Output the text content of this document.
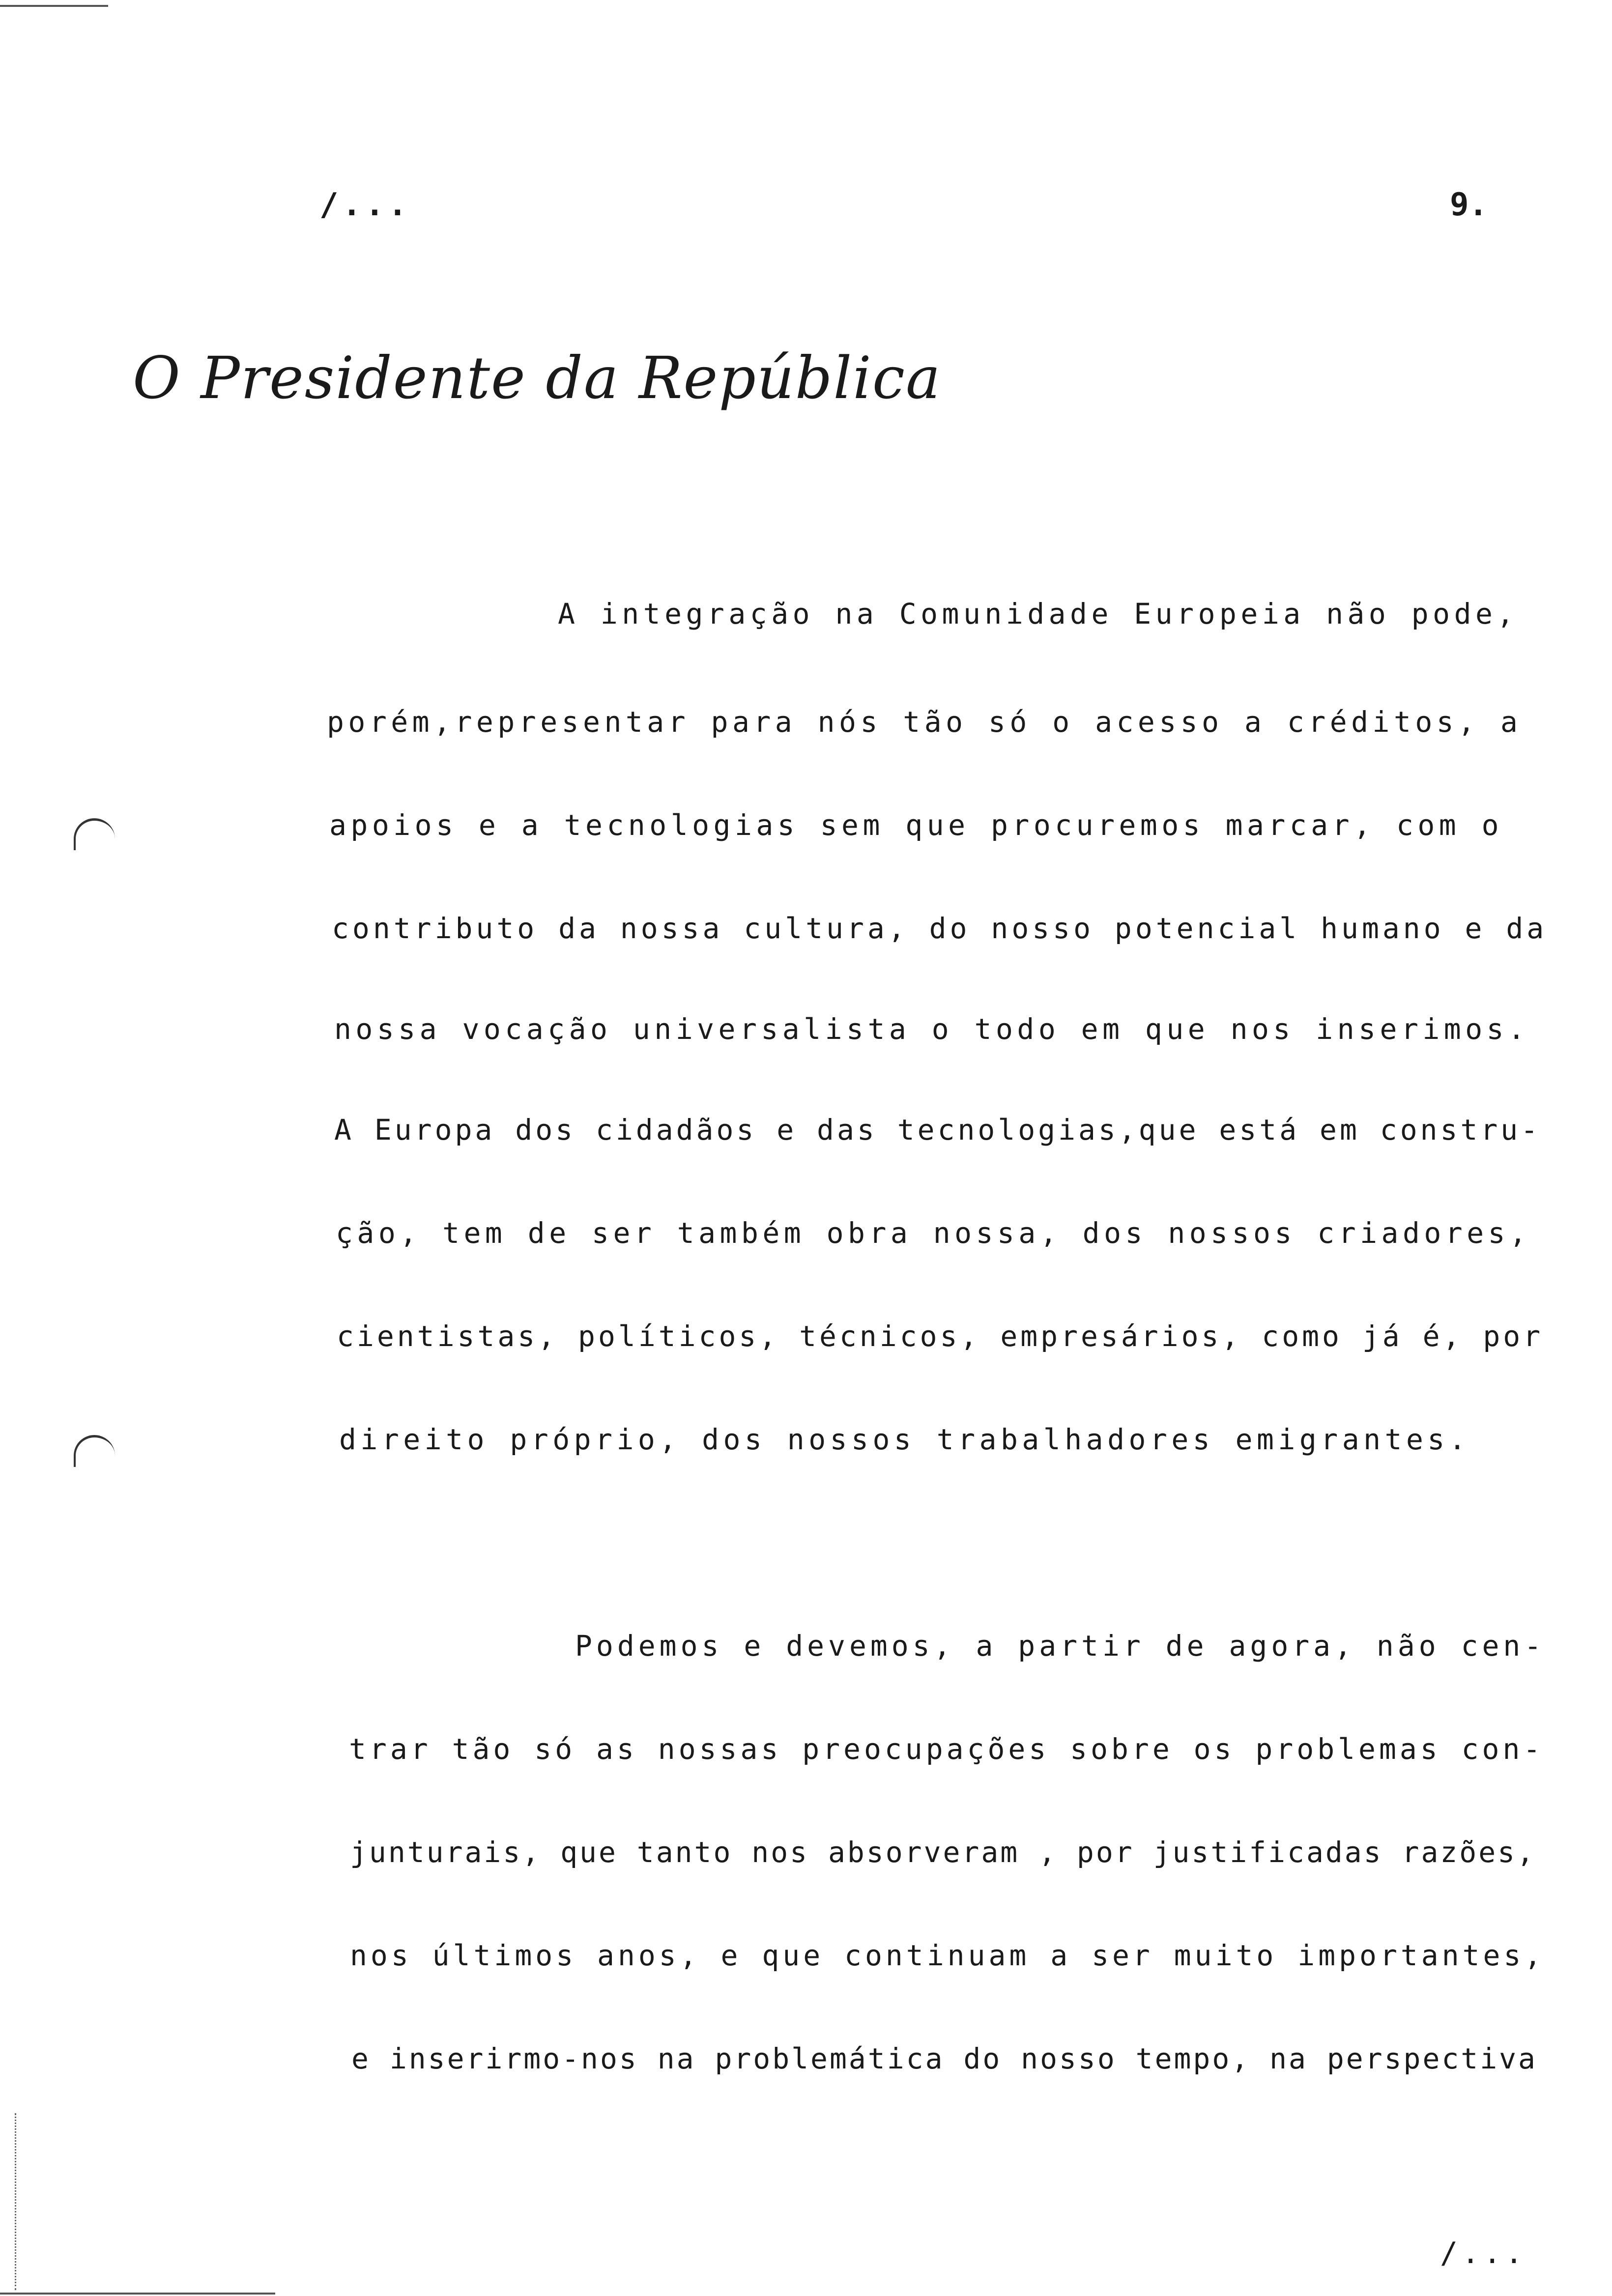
/...	9.
O Presidente da República
A integração na Comunidade Europeia não pode,
porém,representar para nós tão só o acesso a créditos, a
apoios e a tecnologias sem que procuremos marcar, com o
contributo da nossa cultura, do nosso potencial humano e da
nossa vocação universalista o todo em que nos inserimos.
A Europa dos cidadãos e das tecnologias,que está em constru-
ção, tem de ser também obra nossa, dos nossos criadores,
cientistas, políticos, técnicos, empresários, como já é, por
direito próprio, dos nossos trabalhadores emigrantes.
Podemos e devemos, a partir de agora, não cen-
trar tão só as nossas preocupações sobre os problemas con-
junturais, que tanto nos absorveram , por justificadas razões,
nos últimos anos, e que continuam a ser muito importantes,
e inserirmo-nos na problemática do nosso tempo, na perspectiva
/...
